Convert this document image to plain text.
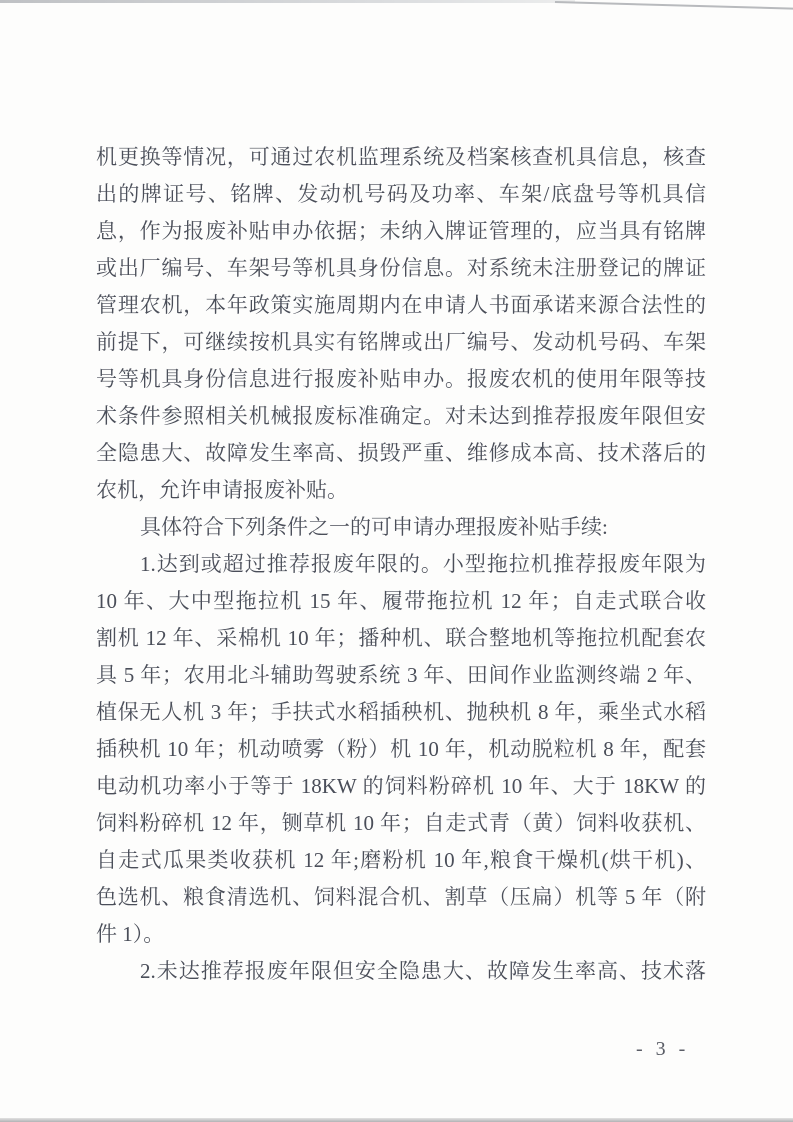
机更换等情况，可通过农机监理系统及档案核查机具信息，核查
出的牌证号、铭牌、发动机号码及功率、车架/底盘号等机具信
息，作为报废补贴申办依据；未纳入牌证管理的，应当具有铭牌
或出厂编号、车架号等机具身份信息。对系统未注册登记的牌证
管理农机，本年政策实施周期内在申请人书面承诺来源合法性的
前提下，可继续按机具实有铭牌或出厂编号、发动机号码、车架
号等机具身份信息进行报废补贴申办。报废农机的使用年限等技
术条件参照相关机械报废标准确定。对未达到推荐报废年限但安
全隐患大、故障发生率高、损毁严重、维修成本高、技术落后的
农机，允许申请报废补贴。
具体符合下列条件之一的可申请办理报废补贴手续:
1.达到或超过推荐报废年限的。小型拖拉机推荐报废年限为
10 年、大中型拖拉机 15 年、履带拖拉机 12 年；自走式联合收
割机 12 年、采棉机 10 年；播种机、联合整地机等拖拉机配套农
具 5 年；农用北斗辅助驾驶系统 3 年、田间作业监测终端 2 年、
植保无人机 3 年；手扶式水稻插秧机、抛秧机 8 年，乘坐式水稻
插秧机 10 年；机动喷雾（粉）机 10 年，机动脱粒机 8 年，配套
电动机功率小于等于 18KW 的饲料粉碎机 10 年、大于 18KW 的
饲料粉碎机 12 年，铡草机 10 年；自走式青（黄）饲料收获机、
自走式瓜果类收获机 12 年;磨粉机 10 年,粮食干燥机(烘干机)、
色选机、粮食清选机、饲料混合机、割草（压扁）机等 5 年（附
件 1）。
2.未达推荐报废年限但安全隐患大、故障发生率高、技术落
- 3 -
